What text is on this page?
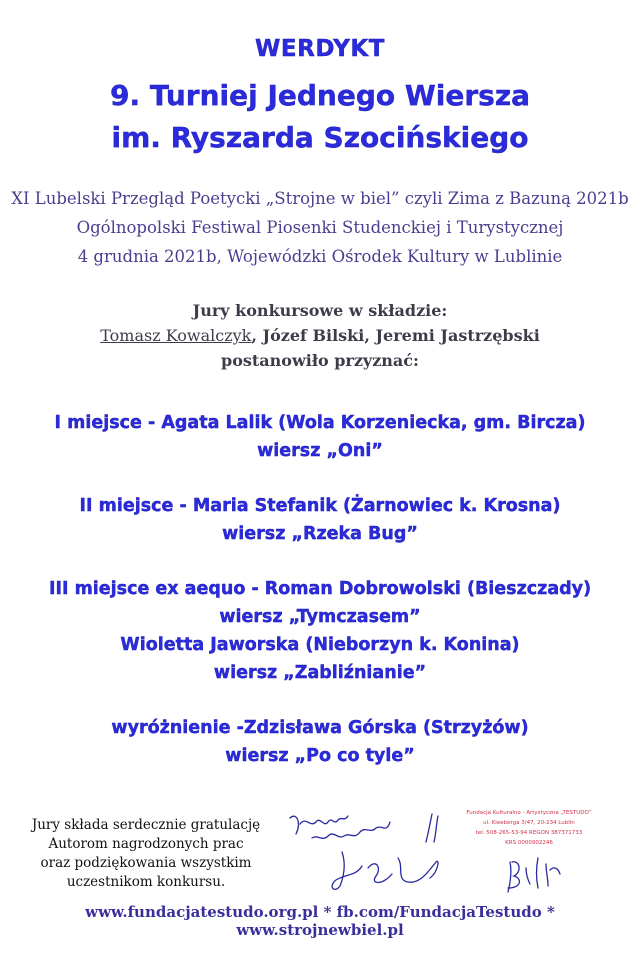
WERDYKT
9. Turniej Jednego Wiersza
im. Ryszarda Szocińskiego
XI Lubelski Przegląd Poetycki „Strojne w biel” czyli Zima z Bazuną 2021b
Ogólnopolski Festiwal Piosenki Studenckiej i Turystycznej
4 grudnia 2021b, Wojewódzki Ośrodek Kultury w Lublinie
Jury konkursowe w składzie:
Tomasz Kowalczyk, Józef Bilski, Jeremi Jastrzębski
postanowiło przyznać:
I miejsce - Agata Lalik (Wola Korzeniecka, gm. Bircza)
wiersz „Oni”
II miejsce - Maria Stefanik (Żarnowiec k. Krosna)
wiersz „Rzeka Bug”
III miejsce ex aequo - Roman Dobrowolski (Bieszczady)
wiersz „Tymczasem”
Wioletta Jaworska (Nieborzyn k. Konina)
wiersz „Zabliźnianie”
wyróżnienie -Zdzisława Górska (Strzyżów)
wiersz „Po co tyle”
Jury składa serdecznie gratulację
Autorom nagrodzonych prac
oraz podziękowania wszystkim
uczestnikom konkursu.
Fundacja Kulturalno - Artystyczna „TESTUDO”
ul. Kleeberga 3/47, 20-234 Lublin
tel. 508-265-53-94 REGON 387371733
KRS 0000902246
www.fundacjatestudo.org.pl * fb.com/FundacjaTestudo * www.strojnewbiel.pl
